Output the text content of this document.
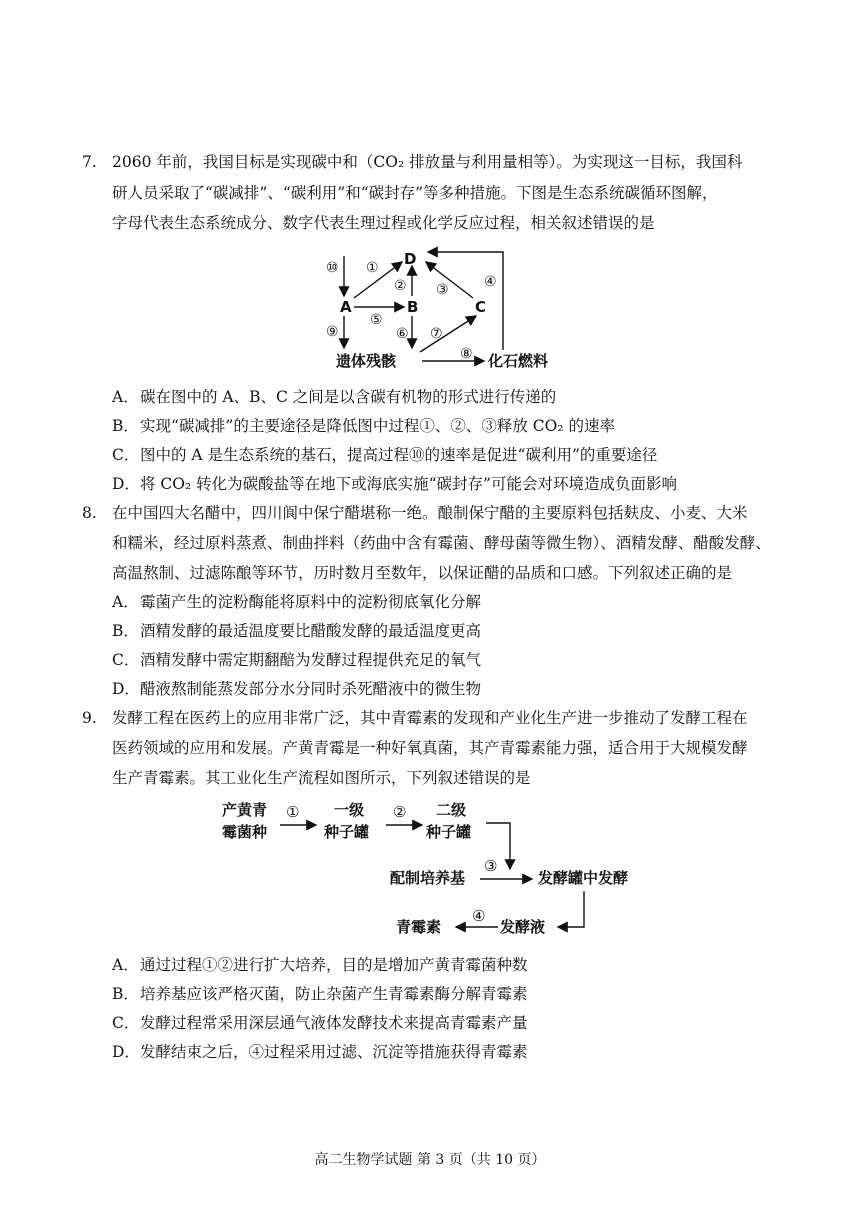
7. 2060 年前，我国目标是实现碳中和（CO₂ 排放量与利用量相等）。为实现这一目标，我国科
研人员采取了“碳减排”、“碳利用”和“碳封存”等多种措施。下图是生态系统碳循环图解，
字母代表生态系统成分、数字代表生理过程或化学反应过程，相关叙述错误的是
D
A	B	C
遗体残骸	化石燃料
⑩ ①
② ③	④
⑤
⑥ ⑦
⑧
⑨
A．碳在图中的 A、B、C 之间是以含碳有机物的形式进行传递的
B．实现“碳减排”的主要途径是降低图中过程①、②、③释放 CO₂ 的速率
C．图中的 A 是生态系统的基石，提高过程⑩的速率是促进“碳利用”的重要途径
D．将 CO₂ 转化为碳酸盐等在地下或海底实施“碳封存”可能会对环境造成负面影响
8. 在中国四大名醋中，四川阆中保宁醋堪称一绝。酿制保宁醋的主要原料包括麸皮、小麦、大米
和糯米，经过原料蒸煮、制曲拌料（药曲中含有霉菌、酵母菌等微生物）、酒精发酵、醋酸发酵、
高温熬制、过滤陈酿等环节，历时数月至数年，以保证醋的品质和口感。下列叙述正确的是
A．霉菌产生的淀粉酶能将原料中的淀粉彻底氧化分解
B．酒精发酵的最适温度要比醋酸发酵的最适温度更高
C．酒精发酵中需定期翻醅为发酵过程提供充足的氧气
D．醋液熬制能蒸发部分水分同时杀死醋液中的微生物
9. 发酵工程在医药上的应用非常广泛，其中青霉素的发现和产业化生产进一步推动了发酵工程在
医药领域的应用和发展。产黄青霉是一种好氧真菌，其产青霉素能力强，适合用于大规模发酵
生产青霉素。其工业化生产流程如图所示，下列叙述错误的是
产黄青
霉菌种
① 一级
种子罐
② 二级
种子罐
配制培养基
③
发酵罐中发酵
发酵液
④
青霉素
A．通过过程①②进行扩大培养，目的是增加产黄青霉菌种数
B．培养基应该严格灭菌，防止杂菌产生青霉素酶分解青霉素
C．发酵过程常采用深层通气液体发酵技术来提高青霉素产量
D．发酵结束之后，④过程采用过滤、沉淀等措施获得青霉素
高二生物学试题 第 3 页（共 10 页）
